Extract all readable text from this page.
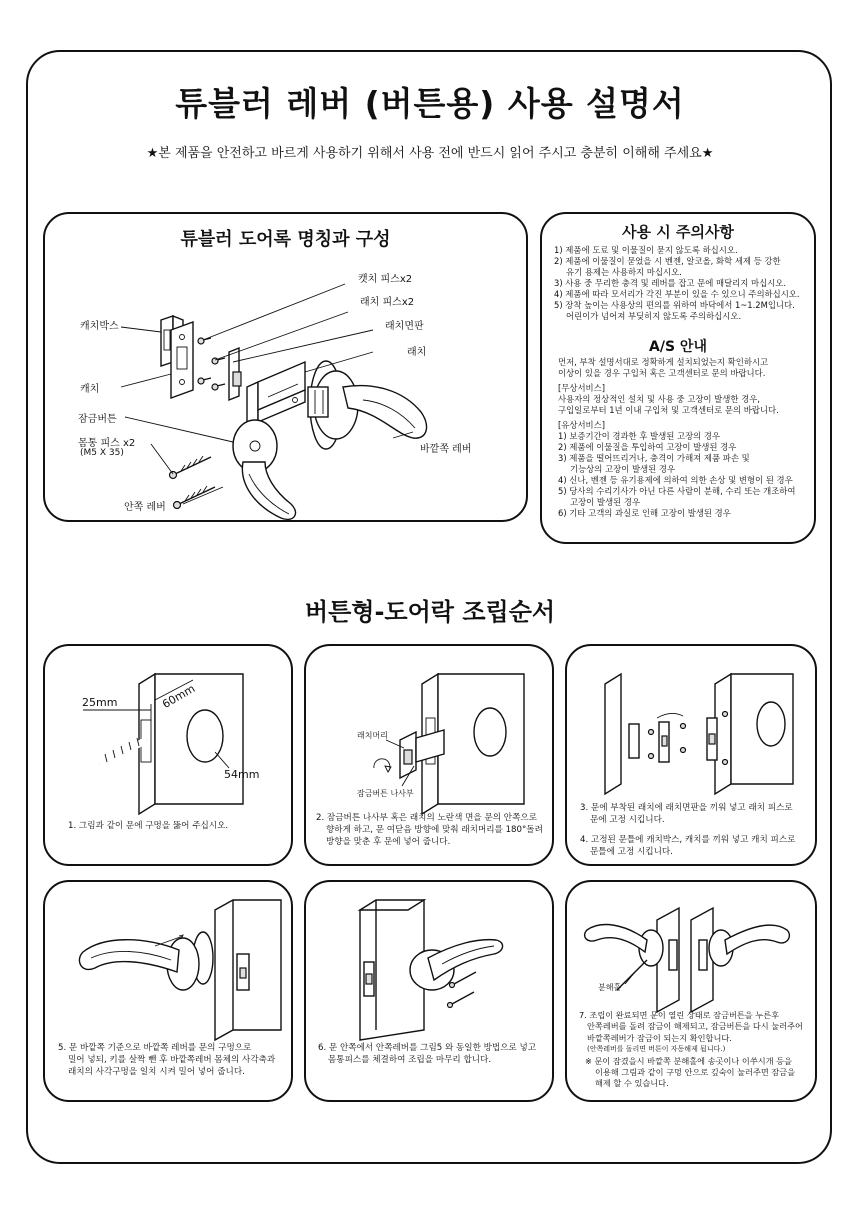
튜블러 레버 (버튼용) 사용 설명서
★본 제품을 안전하고 바르게 사용하기 위해서 사용 전에 반드시 읽어 주시고 충분히 이해해 주세요★
튜블러 도어록 명칭과 구성
캣치 피스x2
래치 피스x2
래치면판
래치
캐치박스
캐치
잠금버튼
몸통 피스 x2
(M5 X 35)	바깥쪽 레버
안쪽 레버
사용 시 주의사항
1) 제품에 도료 및 이물질이 묻지 않도록 하십시오.
2) 제품에 이물질이 묻었을 시 벤젠, 알코올, 화학 세제 등 강한
유기 용제는 사용하지 마십시오.
3) 사용 중 무리한 충격 및 레버를 잡고 문에 매달리지 마십시오.
4) 제품에 따라 모서리가 각진 부분이 있을 수 있으니 주의하십시오.
5) 장착 높이는 사용상의 편의를 위하여 바닥에서 1~1.2M입니다.
어린이가 넘어져 부딪히지 않도록 주의하십시오.
A/S 안내
먼저, 부착 설명서대로 정확하게 설치되었는지 확인하시고
이상이 있을 경우 구입처 혹은 고객센터로 문의 바랍니다.
[무상서비스]
사용자의 정상적인 설치 및 사용 중 고장이 발생한 경우,
구입일로부터 1년 이내 구입처 및 고객센터로 문의 바랍니다.
[유상서비스]
1) 보증기간이 경과한 후 발생된 고장의 경우
2) 제품에 이물질을 투입하여 고장이 발생된 경우
3) 제품을 떨어뜨리거나, 충격이 가해져 제품 파손 및
기능상의 고장이 발생된 경우
4) 신나, 벤젠 등 유기용제에 의하여 의한 손상 및 변형이 된 경우
5) 당사의 수리기사가 아닌 다른 사람이 분해, 수리 또는 개조하여
고장이 발생된 경우
6) 기타 고객의 과실로 인해 고장이 발생된 경우
버튼형-도어락 조립순서
25mm	60mm
54mm
1. 그림과 같이 문에 구멍을 뚫어 주십시오.
래치머리
잠금버튼 나사부
2. 잠금버튼 나사부 혹은 래치의 노란색 면을 문의 안쪽으로
향하게 하고, 문 여닫음 방향에 맞춰 래치머리를 180°돌려
방향을 맞춘 후 문에 넣어 줍니다.
3. 문에 부착된 래치에 래치면판을 끼워 넣고 래치 피스로
문에 고정 시킵니다.
4. 고정된 문틀에 캐치박스, 캐치를 끼워 넣고 캐치 피스로
문틀에 고정 시킵니다.
5. 문 바깥쪽 기준으로 바깥쪽 레버를 문의 구멍으로
밀어 넣되, 키를 살짝 뺀 후 바깥쪽레버 몸체의 사각축과
래치의 사각구멍을 일치 시켜 밀어 넣어 줍니다.
6. 문 안쪽에서 안쪽레버를 그림5 와 동일한 방법으로 넣고
몸통피스를 체결하여 조립을 마무리 합니다.
분해홀
7. 조립이 완료되면 문이 열린 상태로 잠금버튼을 누른후
안쪽레버를 돌려 잠금이 해제되고, 잠금버튼을 다시 눌러주어
바깥쪽레버가 잠금이 되는지 확인합니다.
(안쪽레버를 돌리면 버튼이 자동해제 됩니다.)
※ 문이 잠겼을시 바깥쪽 분해홀에 송곳이나 이쑤시개 등을
이용해 그림과 같이 구멍 안으로 깊숙이 눌러주면 잠금을
해제 할 수 있습니다.
